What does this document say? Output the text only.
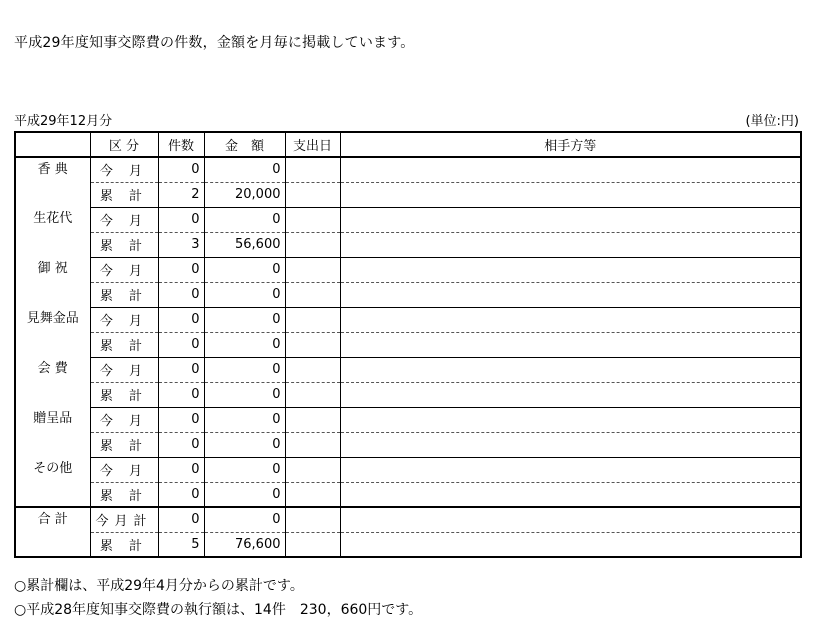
平成29年度知事交際費の件数，金額を月毎に掲載しています。
平成29年12月分	(単位:円)
	区 分	件数	金　額	支出日	相手方等
香 典	今 月	0	0		
	累 計	2	20,000		
生花代	今 月	0	0		
	累 計	3	56,600		
御 祝	今 月	0	0		
	累 計	0	0		
見舞金品	今 月	0	0		
	累 計	0	0		
会 費	今 月	0	0		
	累 計	0	0		
贈呈品	今 月	0	0		
	累 計	0	0		
その他	今 月	0	0		
	累 計	0	0		
合 計	今月計	0	0		
	累 計	5	76,600		
○累計欄は、平成29年4月分からの累計です。
○平成28年度知事交際費の執行額は、14件　230，660円です。
